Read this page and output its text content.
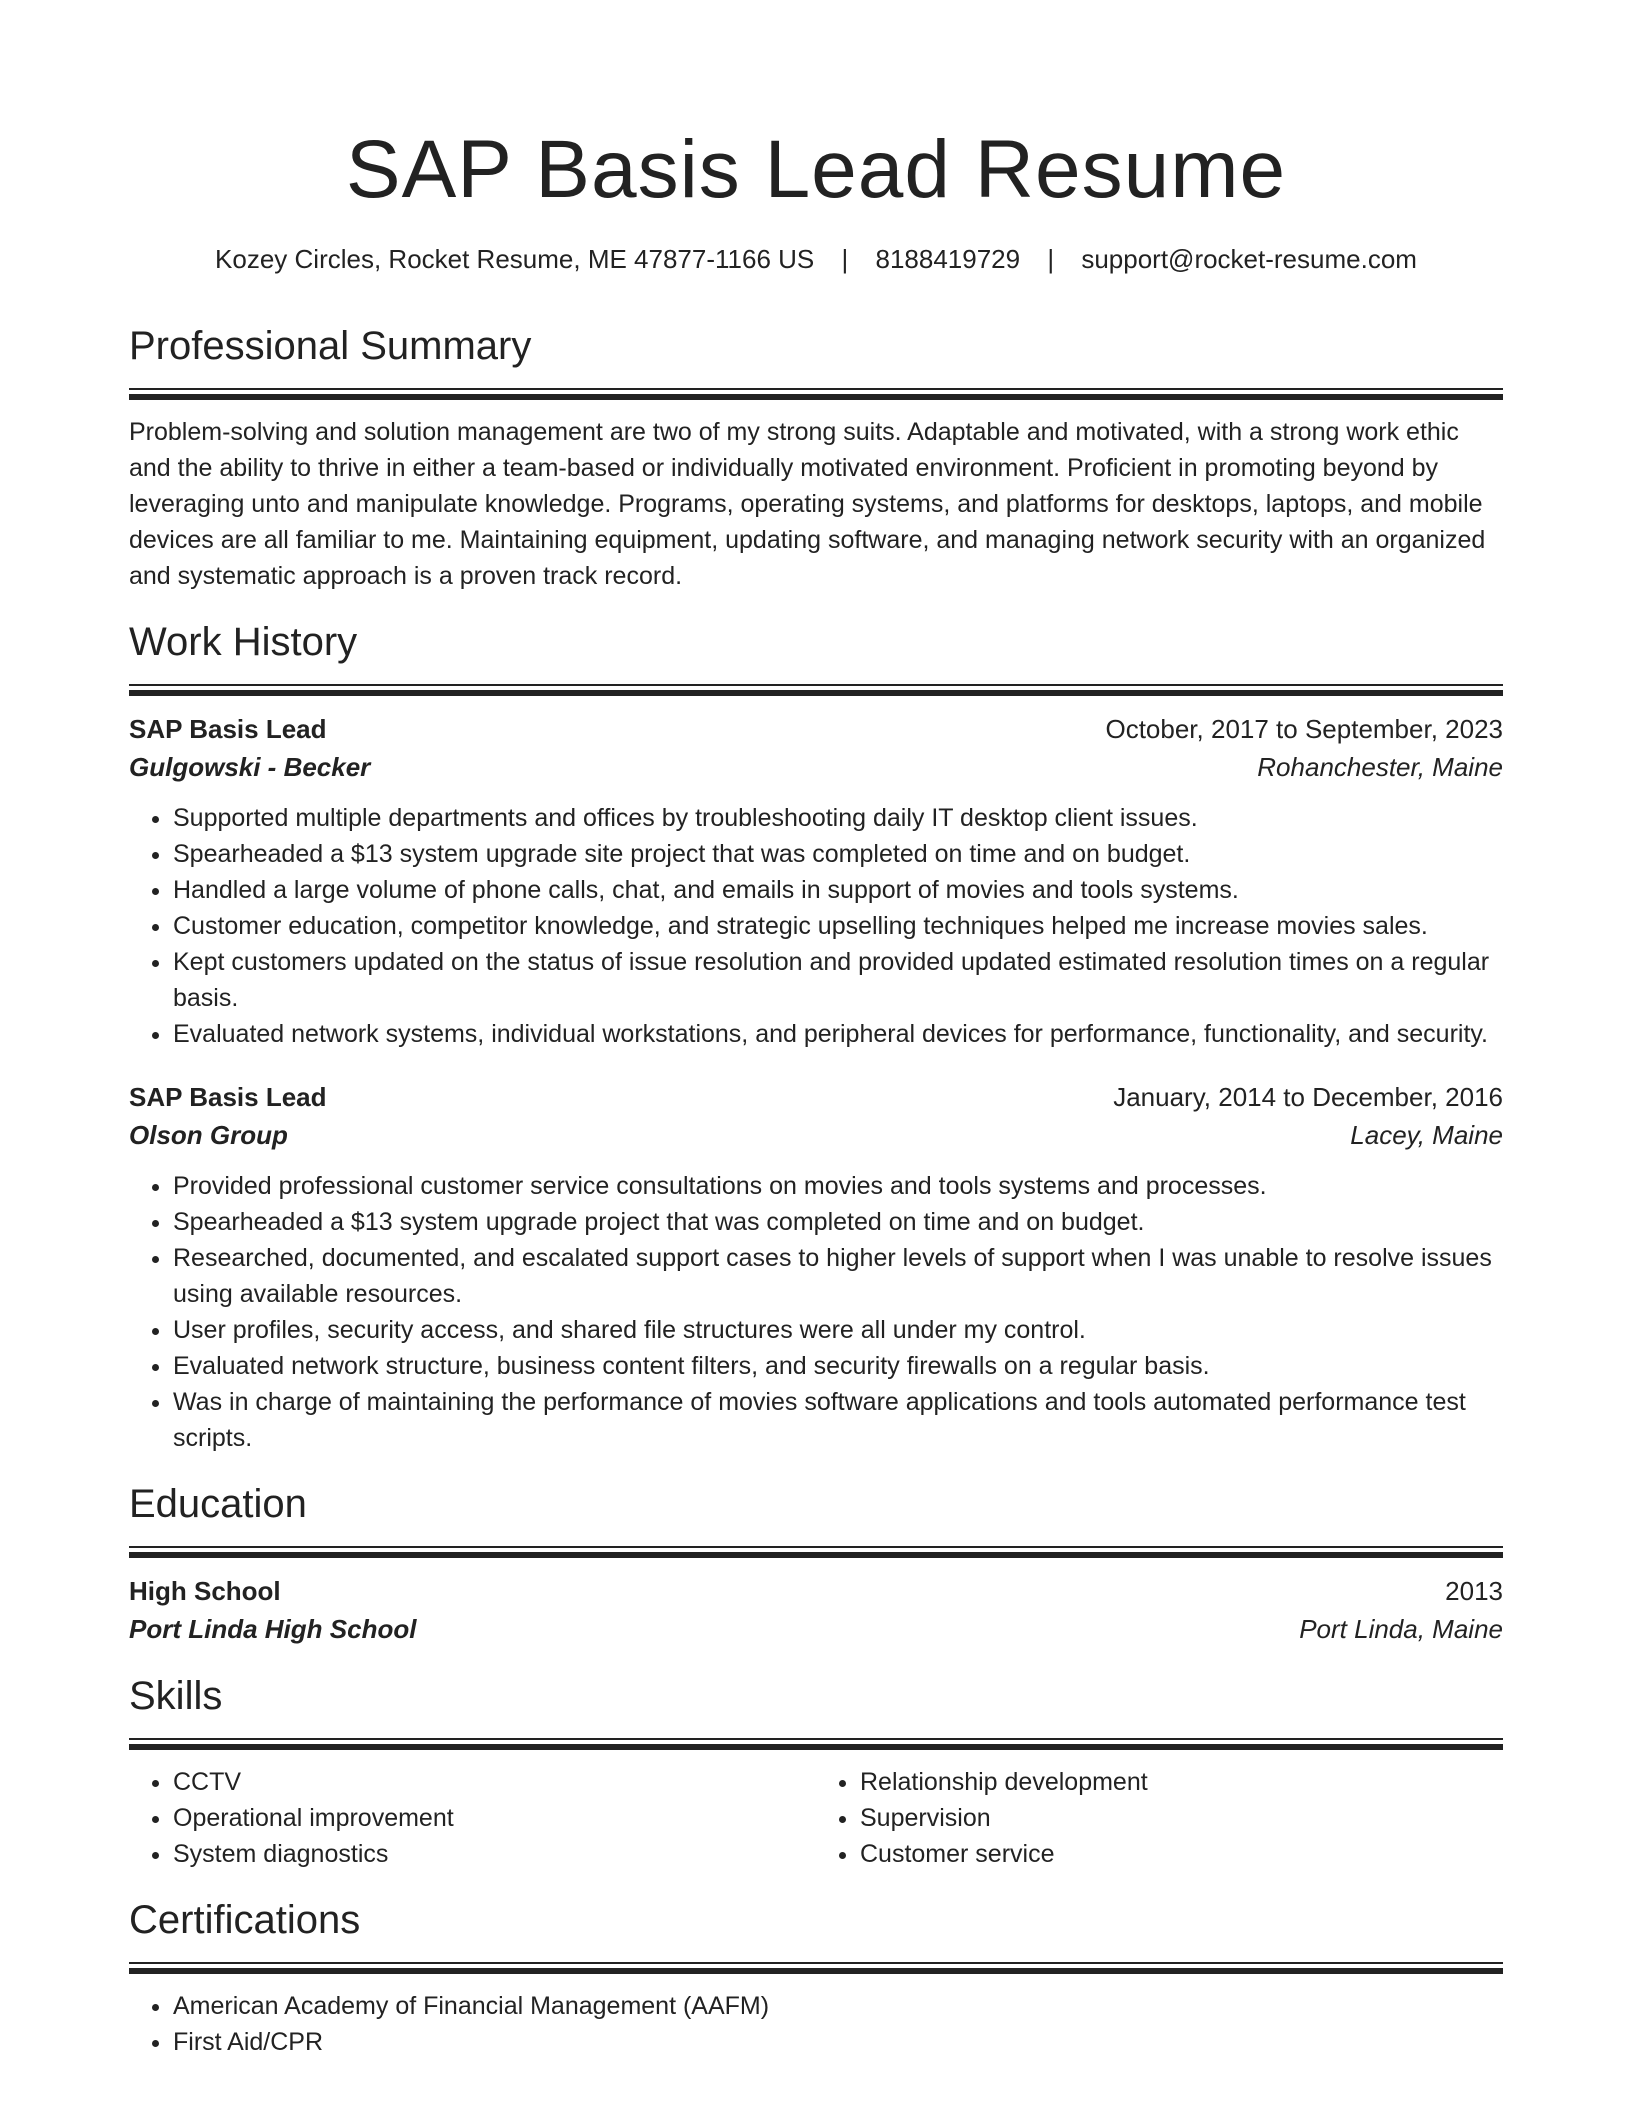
SAP Basis Lead Resume
Kozey Circles, Rocket Resume, ME 47877-1166 US | 8188419729 | support@rocket-resume.com
Professional Summary

Problem-solving and solution management are two of my strong suits. Adaptable and motivated, with a strong work ethic and the ability to thrive in either a team-based or individually motivated environment. Proficient in promoting beyond by leveraging unto and manipulate knowledge. Programs, operating systems, and platforms for desktops, laptops, and mobile devices are all familiar to me. Maintaining equipment, updating software, and managing network security with an organized and systematic approach is a proven track record.

Work History
SAP Basis Lead	October, 2017 to September, 2023
Gulgowski - Becker	Rohanchester, Maine
• Supported multiple departments and offices by troubleshooting daily IT desktop client issues.
• Spearheaded a $13 system upgrade site project that was completed on time and on budget.
• Handled a large volume of phone calls, chat, and emails in support of movies and tools systems.
• Customer education, competitor knowledge, and strategic upselling techniques helped me increase movies sales.
• Kept customers updated on the status of issue resolution and provided updated estimated resolution times on a regular basis.
• Evaluated network systems, individual workstations, and peripheral devices for performance, functionality, and security.
SAP Basis Lead	January, 2014 to December, 2016
Olson Group	Lacey, Maine
• Provided professional customer service consultations on movies and tools systems and processes.
• Spearheaded a $13 system upgrade project that was completed on time and on budget.
• Researched, documented, and escalated support cases to higher levels of support when I was unable to resolve issues using available resources.
• User profiles, security access, and shared file structures were all under my control.
• Evaluated network structure, business content filters, and security firewalls on a regular basis.
• Was in charge of maintaining the performance of movies software applications and tools automated performance test scripts.
Education
High School	2013
Port Linda High School	Port Linda, Maine
Skills
• CCTV
• Operational improvement
• System diagnostics
• Relationship development
• Supervision
• Customer service
Certifications
• American Academy of Financial Management (AAFM)
• First Aid/CPR
